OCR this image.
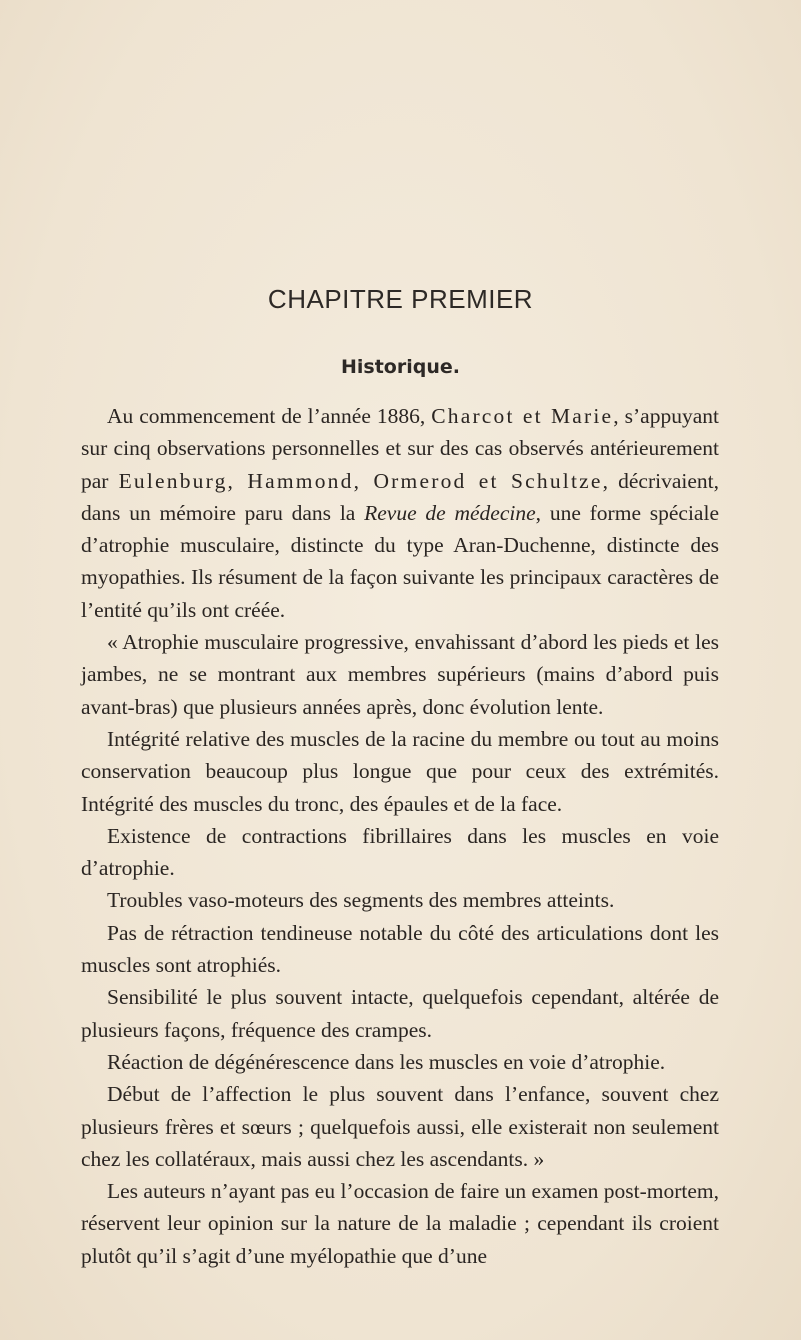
CHAPITRE PREMIER
Historique.

Au commencement de l’année 1886, Charcot et Marie, s’appuyant sur cinq observations personnelles et sur des cas observés antérieurement par Eulenburg, Hammond, Ormerod et Schultze, décrivaient, dans un mémoire paru dans la Revue de médecine, une forme spéciale d’atrophie musculaire, distincte du type Aran-Duchenne, distincte des myopathies. Ils résument de la façon suivante les principaux caractères de l’entité qu’ils ont créée.

« Atrophie musculaire progressive, envahissant d’abord les pieds et les jambes, ne se montrant aux membres supérieurs (mains d’abord puis avant-bras) que plusieurs années après, donc évolution lente.

Intégrité relative des muscles de la racine du membre ou tout au moins conservation beaucoup plus longue que pour ceux des extrémités. Intégrité des muscles du tronc, des épaules et de la face.

Existence de contractions fibrillaires dans les muscles en voie d’atrophie.

Troubles vaso-moteurs des segments des membres atteints.

Pas de rétraction tendineuse notable du côté des articulations dont les muscles sont atrophiés.

Sensibilité le plus souvent intacte, quelquefois cependant, altérée de plusieurs façons, fréquence des crampes.

Réaction de dégénérescence dans les muscles en voie d’atrophie.

Début de l’affection le plus souvent dans l’enfance, souvent chez plusieurs frères et sœurs ; quelquefois aussi, elle existerait non seulement chez les collatéraux, mais aussi chez les ascendants. »

Les auteurs n’ayant pas eu l’occasion de faire un examen post-mortem, réservent leur opinion sur la nature de la maladie ; cependant ils croient plutôt qu’il s’agit d’une myélopathie que d’une
